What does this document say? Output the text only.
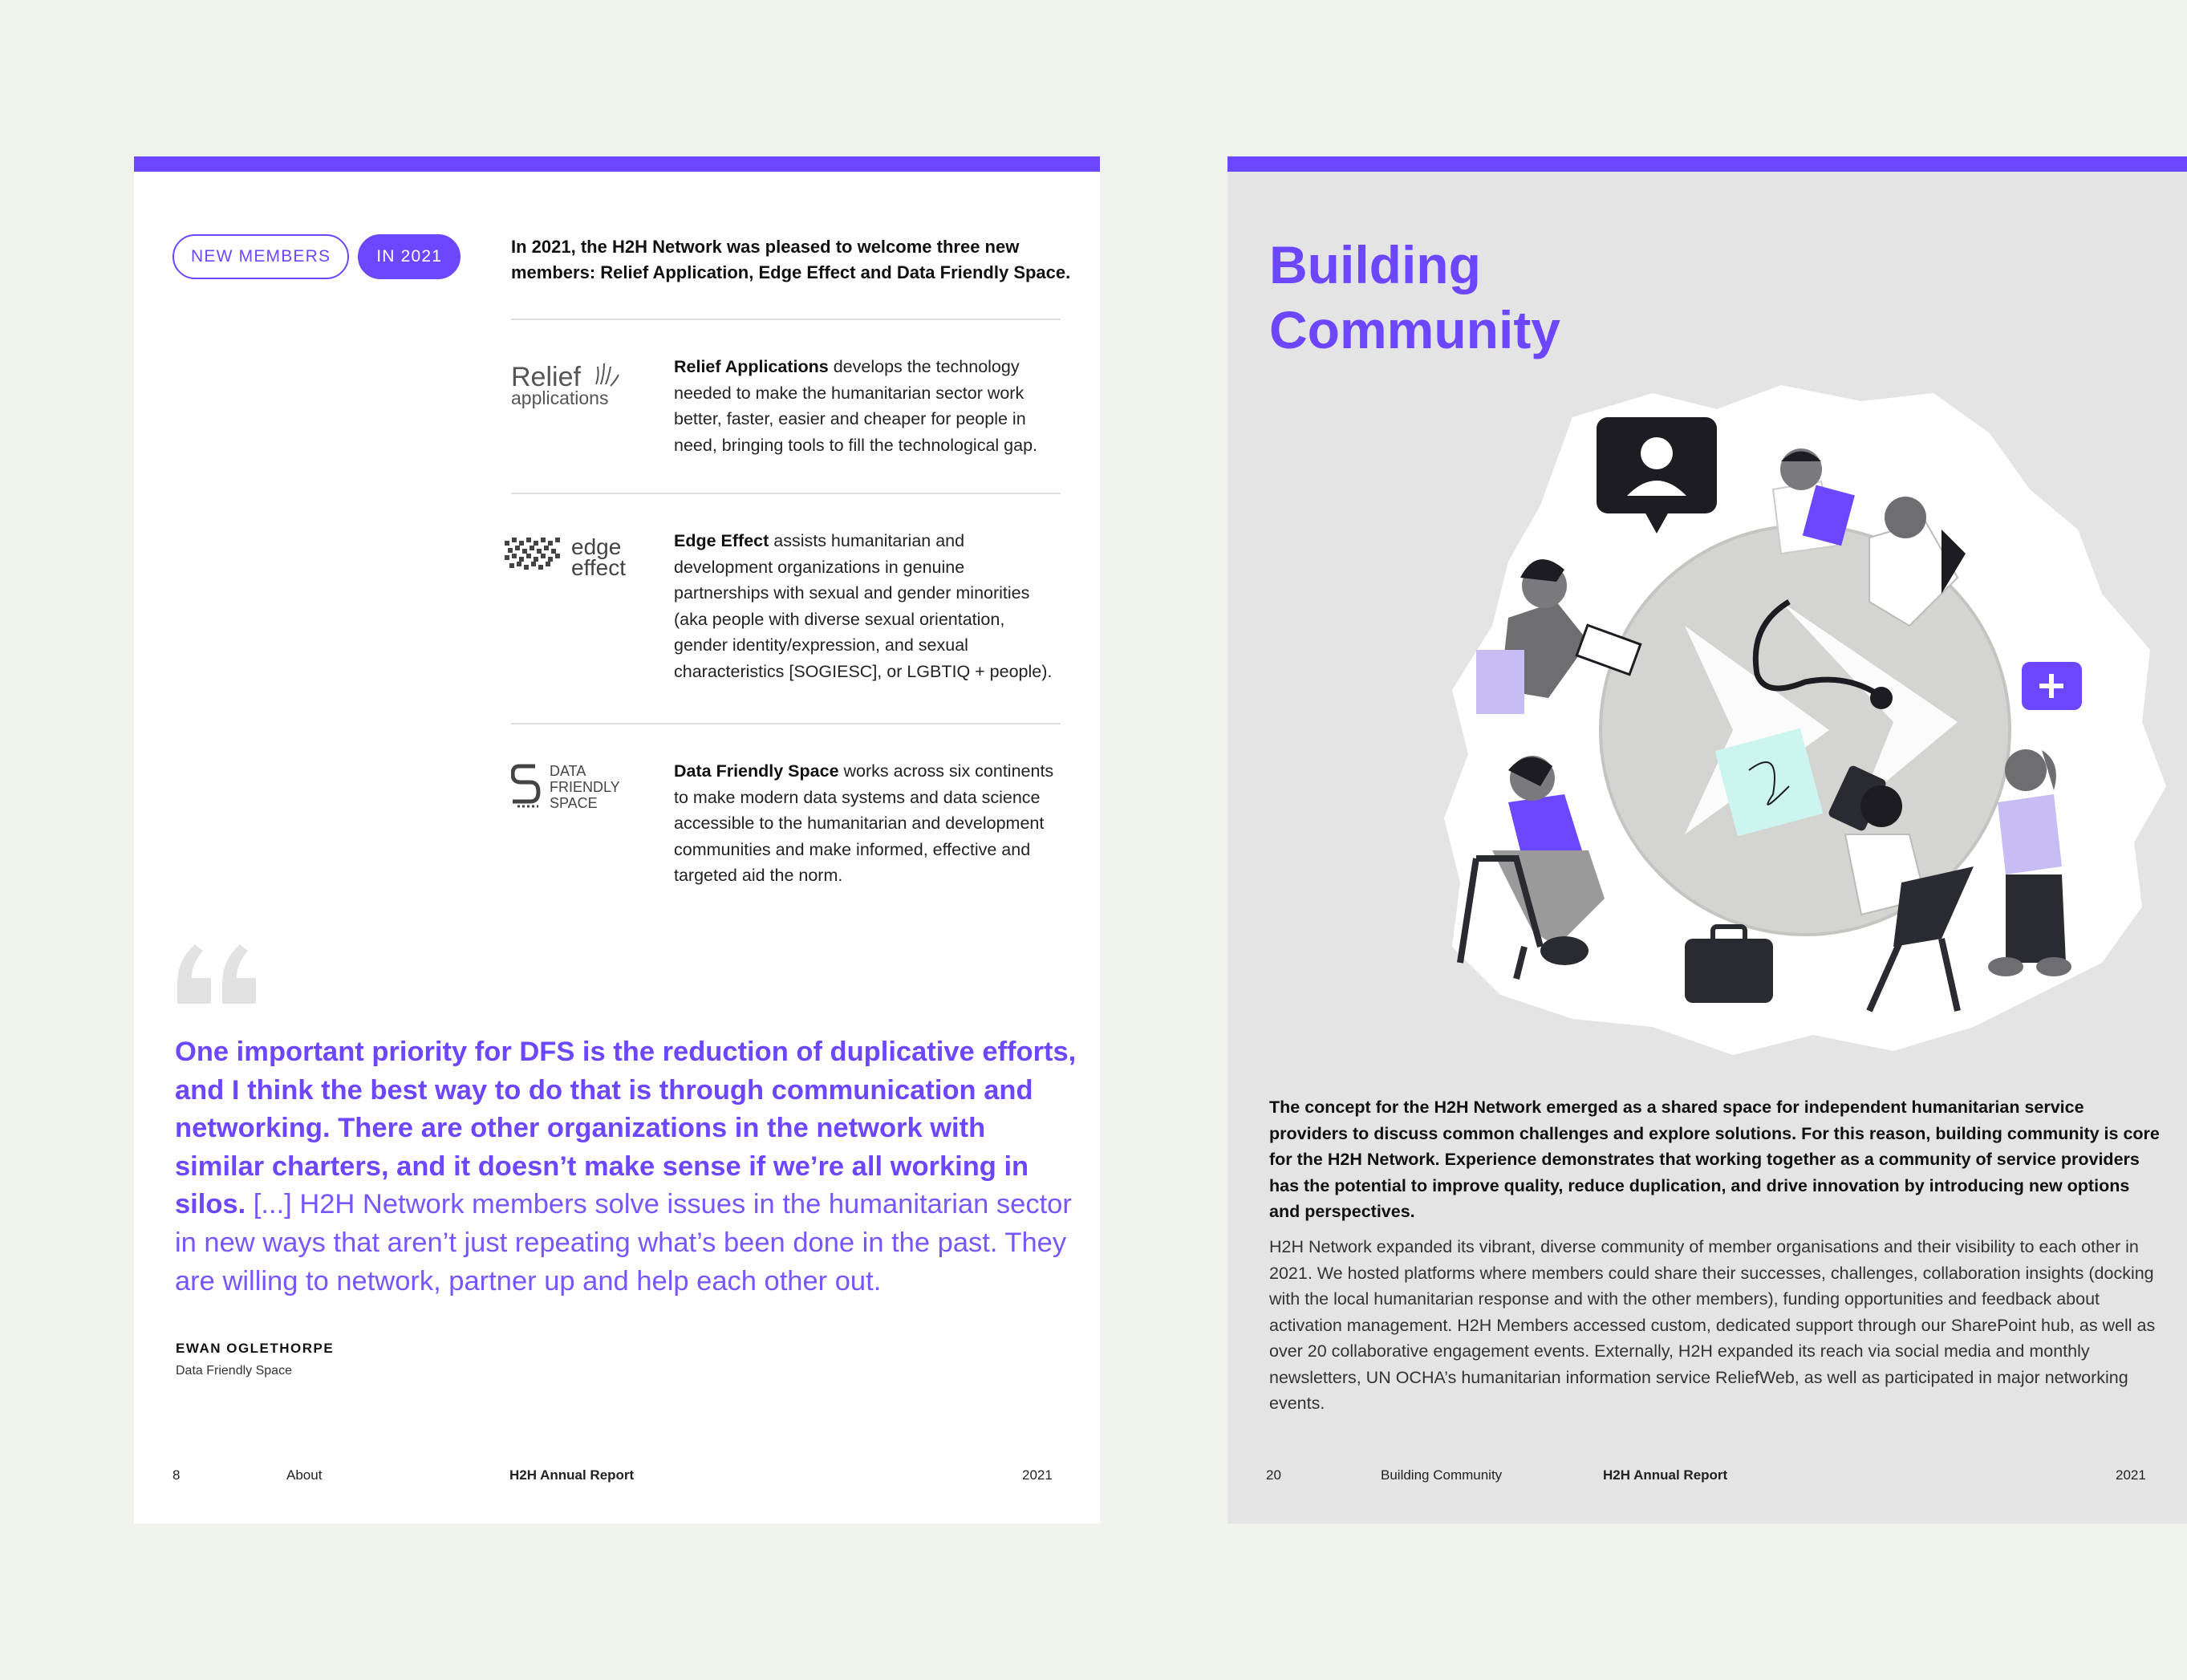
NEW MEMBERS	IN 2021	In 2021, the H2H Network was pleased to welcome three new members: Relief Application, Edge Effect and Data Friendly Space.
Relief
applications
Relief Applications develops the technology needed to make the humanitarian sector work better, faster, easier and cheaper for people in need, bringing tools to fill the technological gap.
edge
effect
Edge Effect assists humanitarian and development organizations in genuine partnerships with sexual and gender minorities (aka people with diverse sexual orientation, gender identity/expression, and sexual characteristics [SOGIESC], or LGBTIQ + people).
DATA
FRIENDLY
SPACE
Data Friendly Space works across six continents to make modern data systems and data science accessible to the humanitarian and development communities and make informed, effective and targeted aid the norm.
One important priority for DFS is the reduction of duplicative efforts, and I think the best way to do that is through communication and networking. There are other organizations in the network with similar charters, and it doesn’t make sense if we’re all working in silos. [...] H2H Network members solve issues in the humanitarian sector in new ways that aren’t just repeating what’s been done in the past. They are willing to network, partner up and help each other out.
EWAN OGLETHORPE
Data Friendly Space
8	About	H2H Annual Report	2021
Building
Community
The concept for the H2H Network emerged as a shared space for independent humanitarian service providers to discuss common challenges and explore solutions. For this reason, building community is core for the H2H Network. Experience demonstrates that working together as a community of service providers has the potential to improve quality, reduce duplication, and drive innovation by introducing new options and perspectives.
H2H Network expanded its vibrant, diverse community of member organisations and their visibility to each other in 2021. We hosted platforms where members could share their successes, challenges, collaboration insights (docking with the local humanitarian response and with the other members), funding opportunities and feedback about activation management. H2H Members accessed custom, dedicated support through our SharePoint hub, as well as over 20 collaborative engagement events. Externally, H2H expanded its reach via social media and monthly newsletters, UN OCHA’s humanitarian information service ReliefWeb, as well as participated in major networking events.
20	Building Community	H2H Annual Report	2021
